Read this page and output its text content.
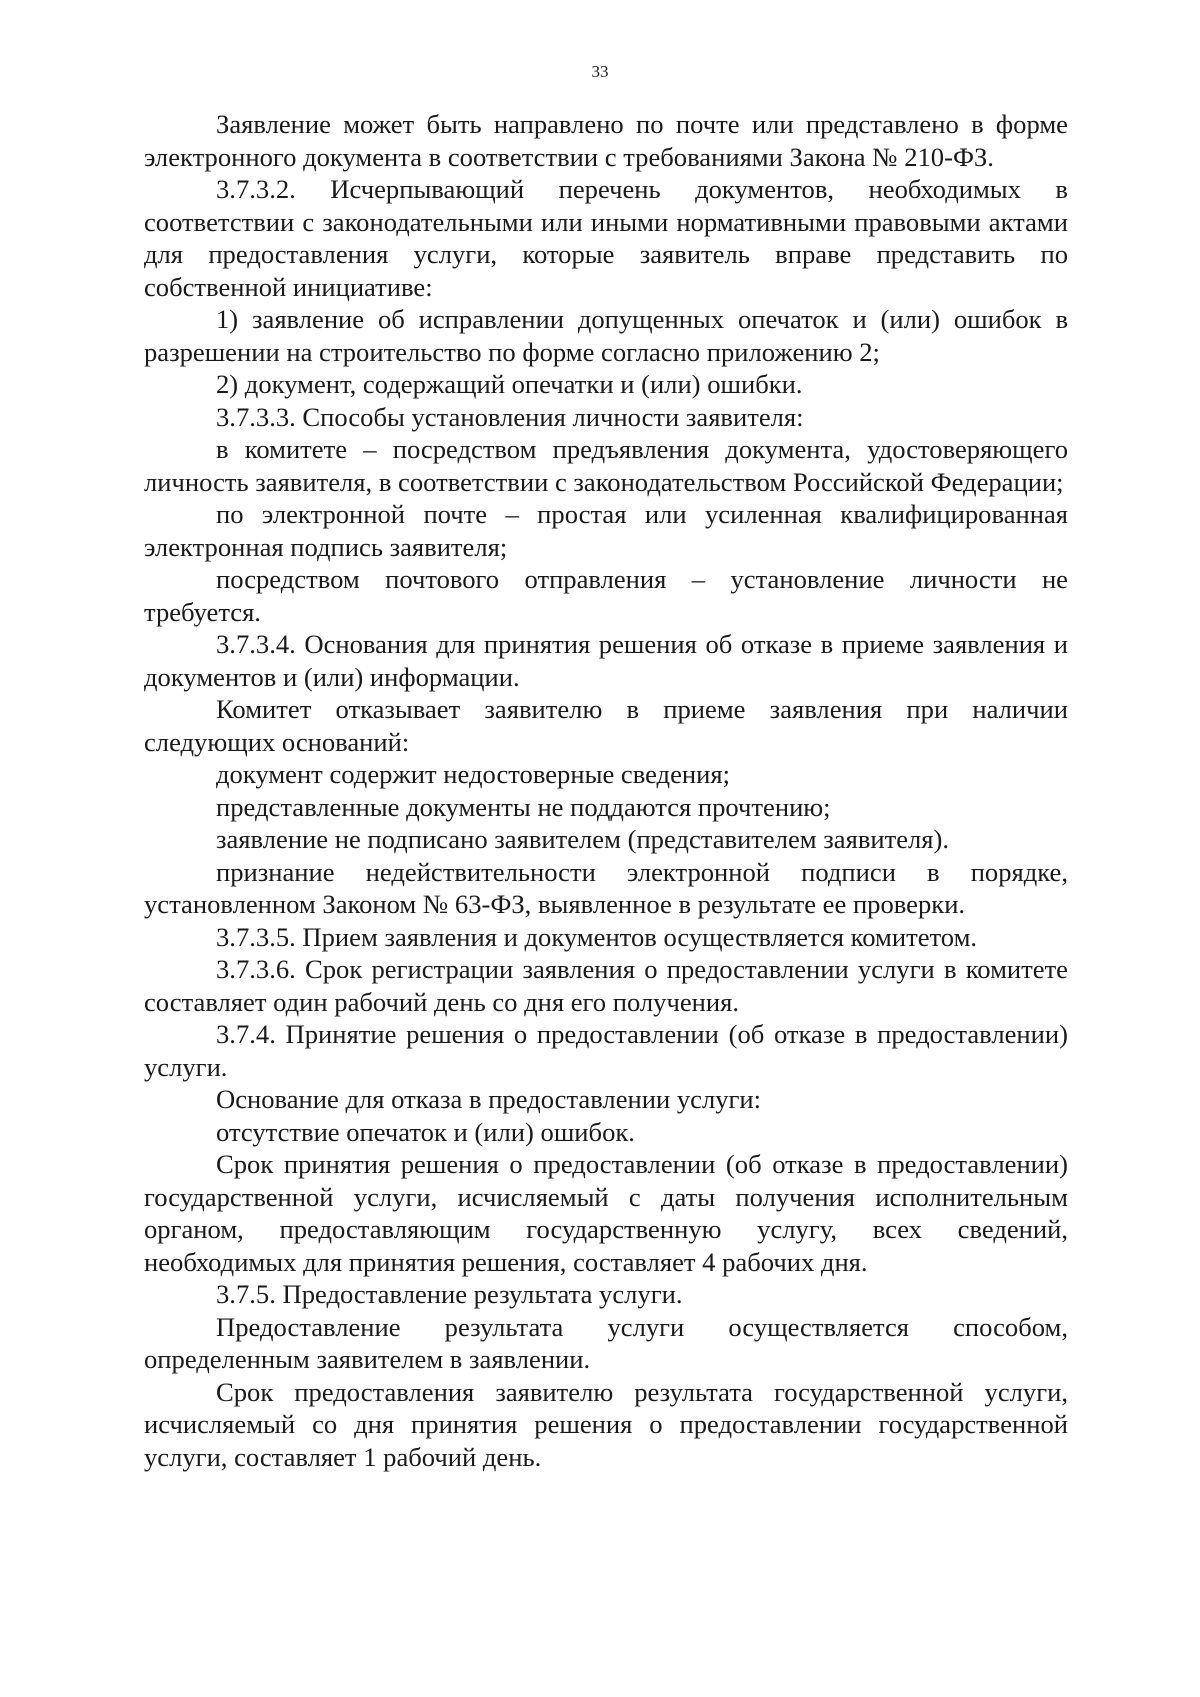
33

Заявление может быть направлено по почте или представлено в форме электронного документа в соответствии с требованиями Закона № 210-ФЗ.

3.7.3.2. Исчерпывающий перечень документов, необходимых в соответствии с законодательными или иными нормативными правовыми актами для предоставления услуги, которые заявитель вправе представить по собственной инициативе:

1) заявление об исправлении допущенных опечаток и (или) ошибок в разрешении на строительство по форме согласно приложению 2;

2) документ, содержащий опечатки и (или) ошибки.

3.7.3.3. Способы установления личности заявителя:

в комитете – посредством предъявления документа, удостоверяющего личность заявителя, в соответствии с законодательством Российской Федерации;

по электронной почте – простая или усиленная квалифицированная электронная подпись заявителя;

посредством почтового отправления – установление личности не требуется.

3.7.3.4. Основания для принятия решения об отказе в приеме заявления и документов и (или) информации.

Комитет отказывает заявителю в приеме заявления при наличии следующих оснований:

документ содержит недостоверные сведения;

представленные документы не поддаются прочтению;

заявление не подписано заявителем (представителем заявителя).

признание недействительности электронной подписи в порядке, установленном Законом № 63-ФЗ, выявленное в результате ее проверки.

3.7.3.5. Прием заявления и документов осуществляется комитетом.

3.7.3.6. Срок регистрации заявления о предоставлении услуги в комитете составляет один рабочий день со дня его получения.

3.7.4. Принятие решения о предоставлении (об отказе в предоставлении) услуги.

Основание для отказа в предоставлении услуги:

отсутствие опечаток и (или) ошибок.

Срок принятия решения о предоставлении (об отказе в предоставлении) государственной услуги, исчисляемый с даты получения исполнительным органом, предоставляющим государственную услугу, всех сведений, необходимых для принятия решения, составляет 4 рабочих дня.

3.7.5. Предоставление результата услуги.

Предоставление результата услуги осуществляется способом, определенным заявителем в заявлении.

Срок предоставления заявителю результата государственной услуги, исчисляемый со дня принятия решения о предоставлении государственной услуги, составляет 1 рабочий день.
